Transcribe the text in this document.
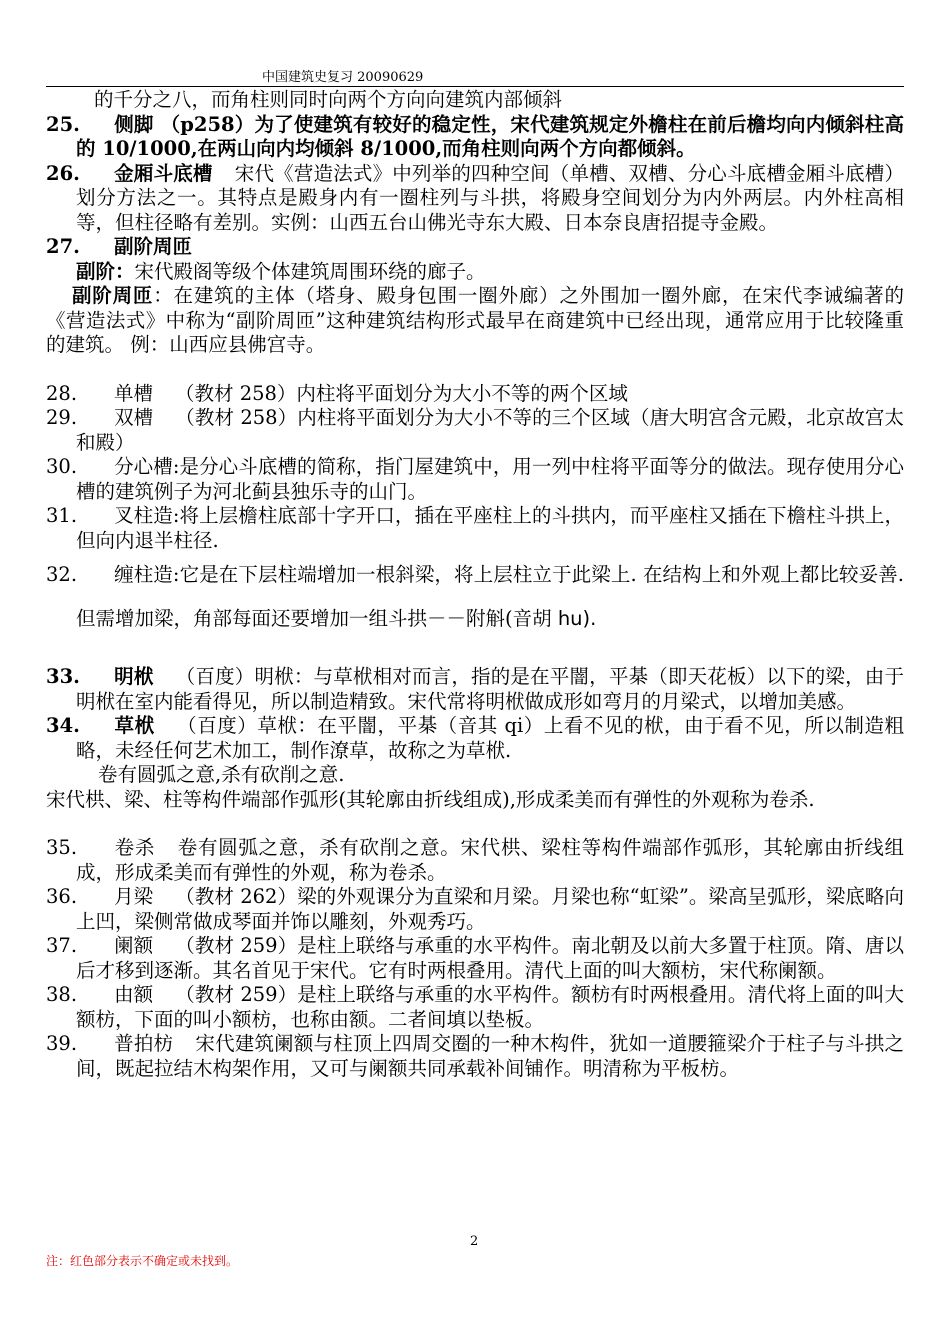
中国建筑史复习 20090629

的千分之八，而角柱则同时向两个方向向建筑内部倾斜

25. 侧脚 （p258）为了使建筑有较好的稳定性，宋代建筑规定外檐柱在前后檐均向内倾斜柱高的 10/1000,在两山向内均倾斜 8/1000,而角柱则向两个方向都倾斜。
26. 金厢斗底槽 宋代《营造法式》中列举的四种空间（单槽、双槽、分心斗底槽金厢斗底槽）划分方法之一。其特点是殿身内有一圈柱列与斗拱，将殿身空间划分为内外两层。内外柱高相等，但柱径略有差别。实例：山西五台山佛光寺东大殿、日本奈良唐招提寺金殿。
27. 副阶周匝

副阶：宋代殿阁等级个体建筑周围环绕的廊子。

副阶周匝：在建筑的主体（塔身、殿身包围一圈外廊）之外围加一圈外廊，在宋代李诫编著的《营造法式》中称为“副阶周匝”这种建筑结构形式最早在商建筑中已经出现，通常应用于比较隆重的建筑。 例：山西应县佛宫寺。

28. 单槽 （教材 258）内柱将平面划分为大小不等的两个区域
29. 双槽 （教材 258）内柱将平面划分为大小不等的三个区域（唐大明宫含元殿，北京故宫太和殿）
30. 分心槽:是分心斗底槽的简称，指门屋建筑中，用一列中柱将平面等分的做法。现存使用分心槽的建筑例子为河北蓟县独乐寺的山门。
31. 叉柱造:将上层檐柱底部十字开口，插在平座柱上的斗拱内，而平座柱又插在下檐柱斗拱上，但向内退半柱径.
32. 缠柱造:它是在下层柱端增加一根斜梁，将上层柱立于此梁上. 在结构上和外观上都比较妥善. 但需增加梁，角部每面还要增加一组斗拱－－附斛(音胡 hu).
33. 明栿 （百度）明栿：与草栿相对而言，指的是在平闇，平棊（即天花板）以下的梁，由于明栿在室内能看得见，所以制造精致。宋代常将明栿做成形如弯月的月梁式，以增加美感。
34. 草栿 （百度）草栿：在平闇，平棊（音其 qi）上看不见的栿，由于看不见，所以制造粗略，未经任何艺术加工，制作潦草，故称之为草栿.

卷有圆弧之意,杀有砍削之意.

宋代栱、梁、柱等构件端部作弧形(其轮廓由折线组成),形成柔美而有弹性的外观称为卷杀.

35. 卷杀 卷有圆弧之意，杀有砍削之意。宋代栱、梁柱等构件端部作弧形，其轮廓由折线组成，形成柔美而有弹性的外观，称为卷杀。
36. 月梁 （教材 262）梁的外观课分为直梁和月梁。月梁也称“虹梁”。梁高呈弧形，梁底略向上凹，梁侧常做成琴面并饰以雕刻，外观秀巧。
37. 阑额 （教材 259）是柱上联络与承重的水平构件。南北朝及以前大多置于柱顶。隋、唐以后才移到逐渐。其名首见于宋代。它有时两根叠用。清代上面的叫大额枋，宋代称阑额。
38. 由额 （教材 259）是柱上联络与承重的水平构件。额枋有时两根叠用。清代将上面的叫大额枋，下面的叫小额枋，也称由额。二者间填以垫板。
39. 普拍枋 宋代建筑阑额与柱顶上四周交圈的一种木构件，犹如一道腰箍梁介于柱子与斗拱之间，既起拉结木构架作用，又可与阑额共同承载补间铺作。明清称为平板枋。
2
注：红色部分表示不确定或未找到。
